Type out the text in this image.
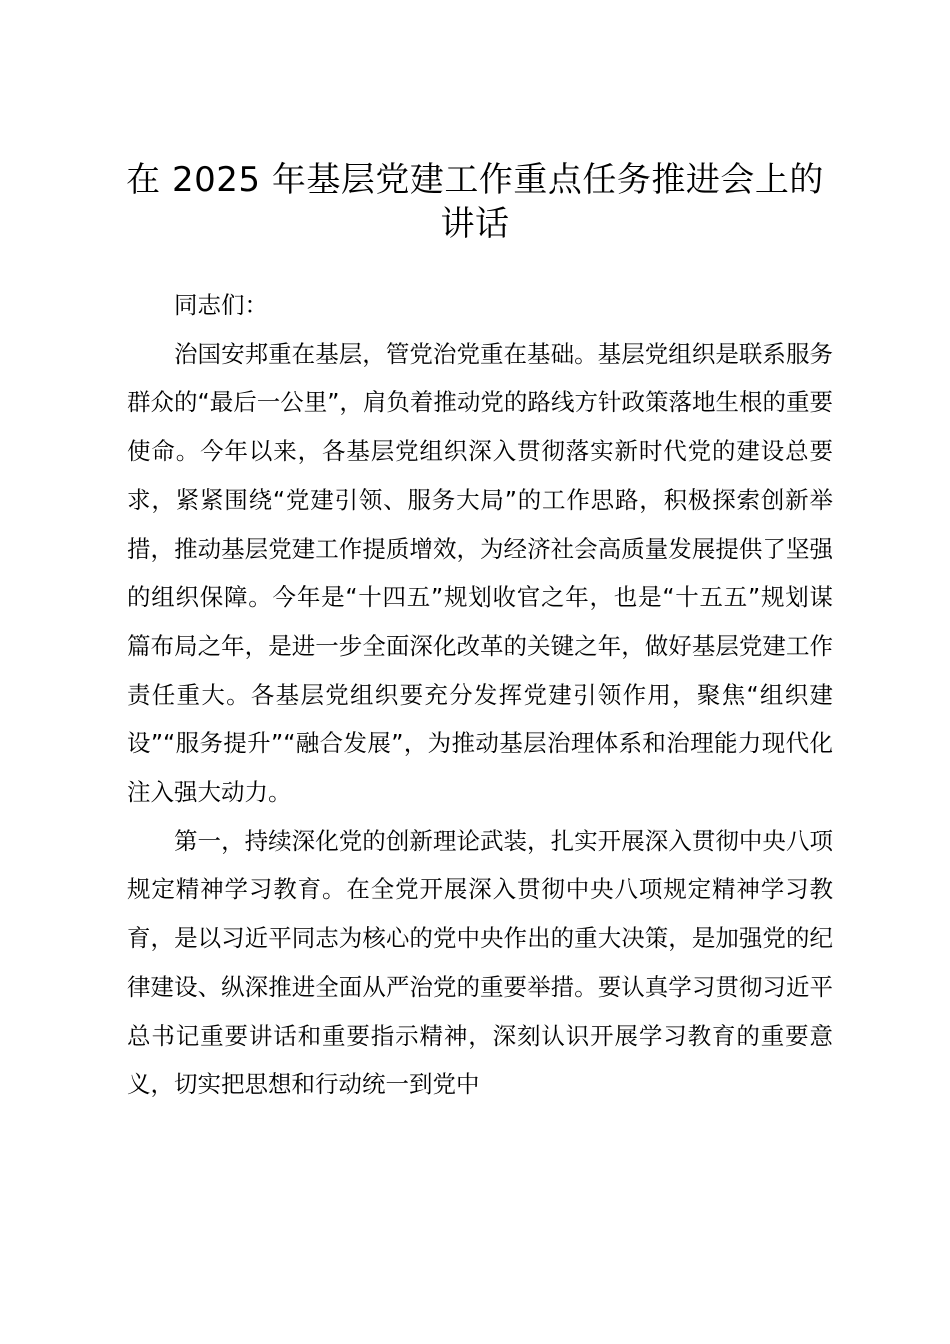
在 2025 年基层党建工作重点任务推进会上的
讲话

同志们：

治国安邦重在基层，管党治党重在基础。基层党组织是联系服务群众的“最后一公里”，肩负着推动党的路线方针政策落地生根的重要使命。今年以来，各基层党组织深入贯彻落实新时代党的建设总要求，紧紧围绕“党建引领、服务大局”的工作思路，积极探索创新举措，推动基层党建工作提质增效，为经济社会高质量发展提供了坚强的组织保障。今年是“十四五”规划收官之年，也是“十五五”规划谋篇布局之年，是进一步全面深化改革的关键之年，做好基层党建工作责任重大。各基层党组织要充分发挥党建引领作用，聚焦“组织建设”“服务提升”“融合发展”，为推动基层治理体系和治理能力现代化注入强大动力。

第一，持续深化党的创新理论武装，扎实开展深入贯彻中央八项规定精神学习教育。在全党开展深入贯彻中央八项规定精神学习教育，是以习近平同志为核心的党中央作出的重大决策，是加强党的纪律建设、纵深推进全面从严治党的重要举措。要认真学习贯彻习近平总书记重要讲话和重要指示精神，深刻认识开展学习教育的重要意义，切实把思想和行动统一到党中
